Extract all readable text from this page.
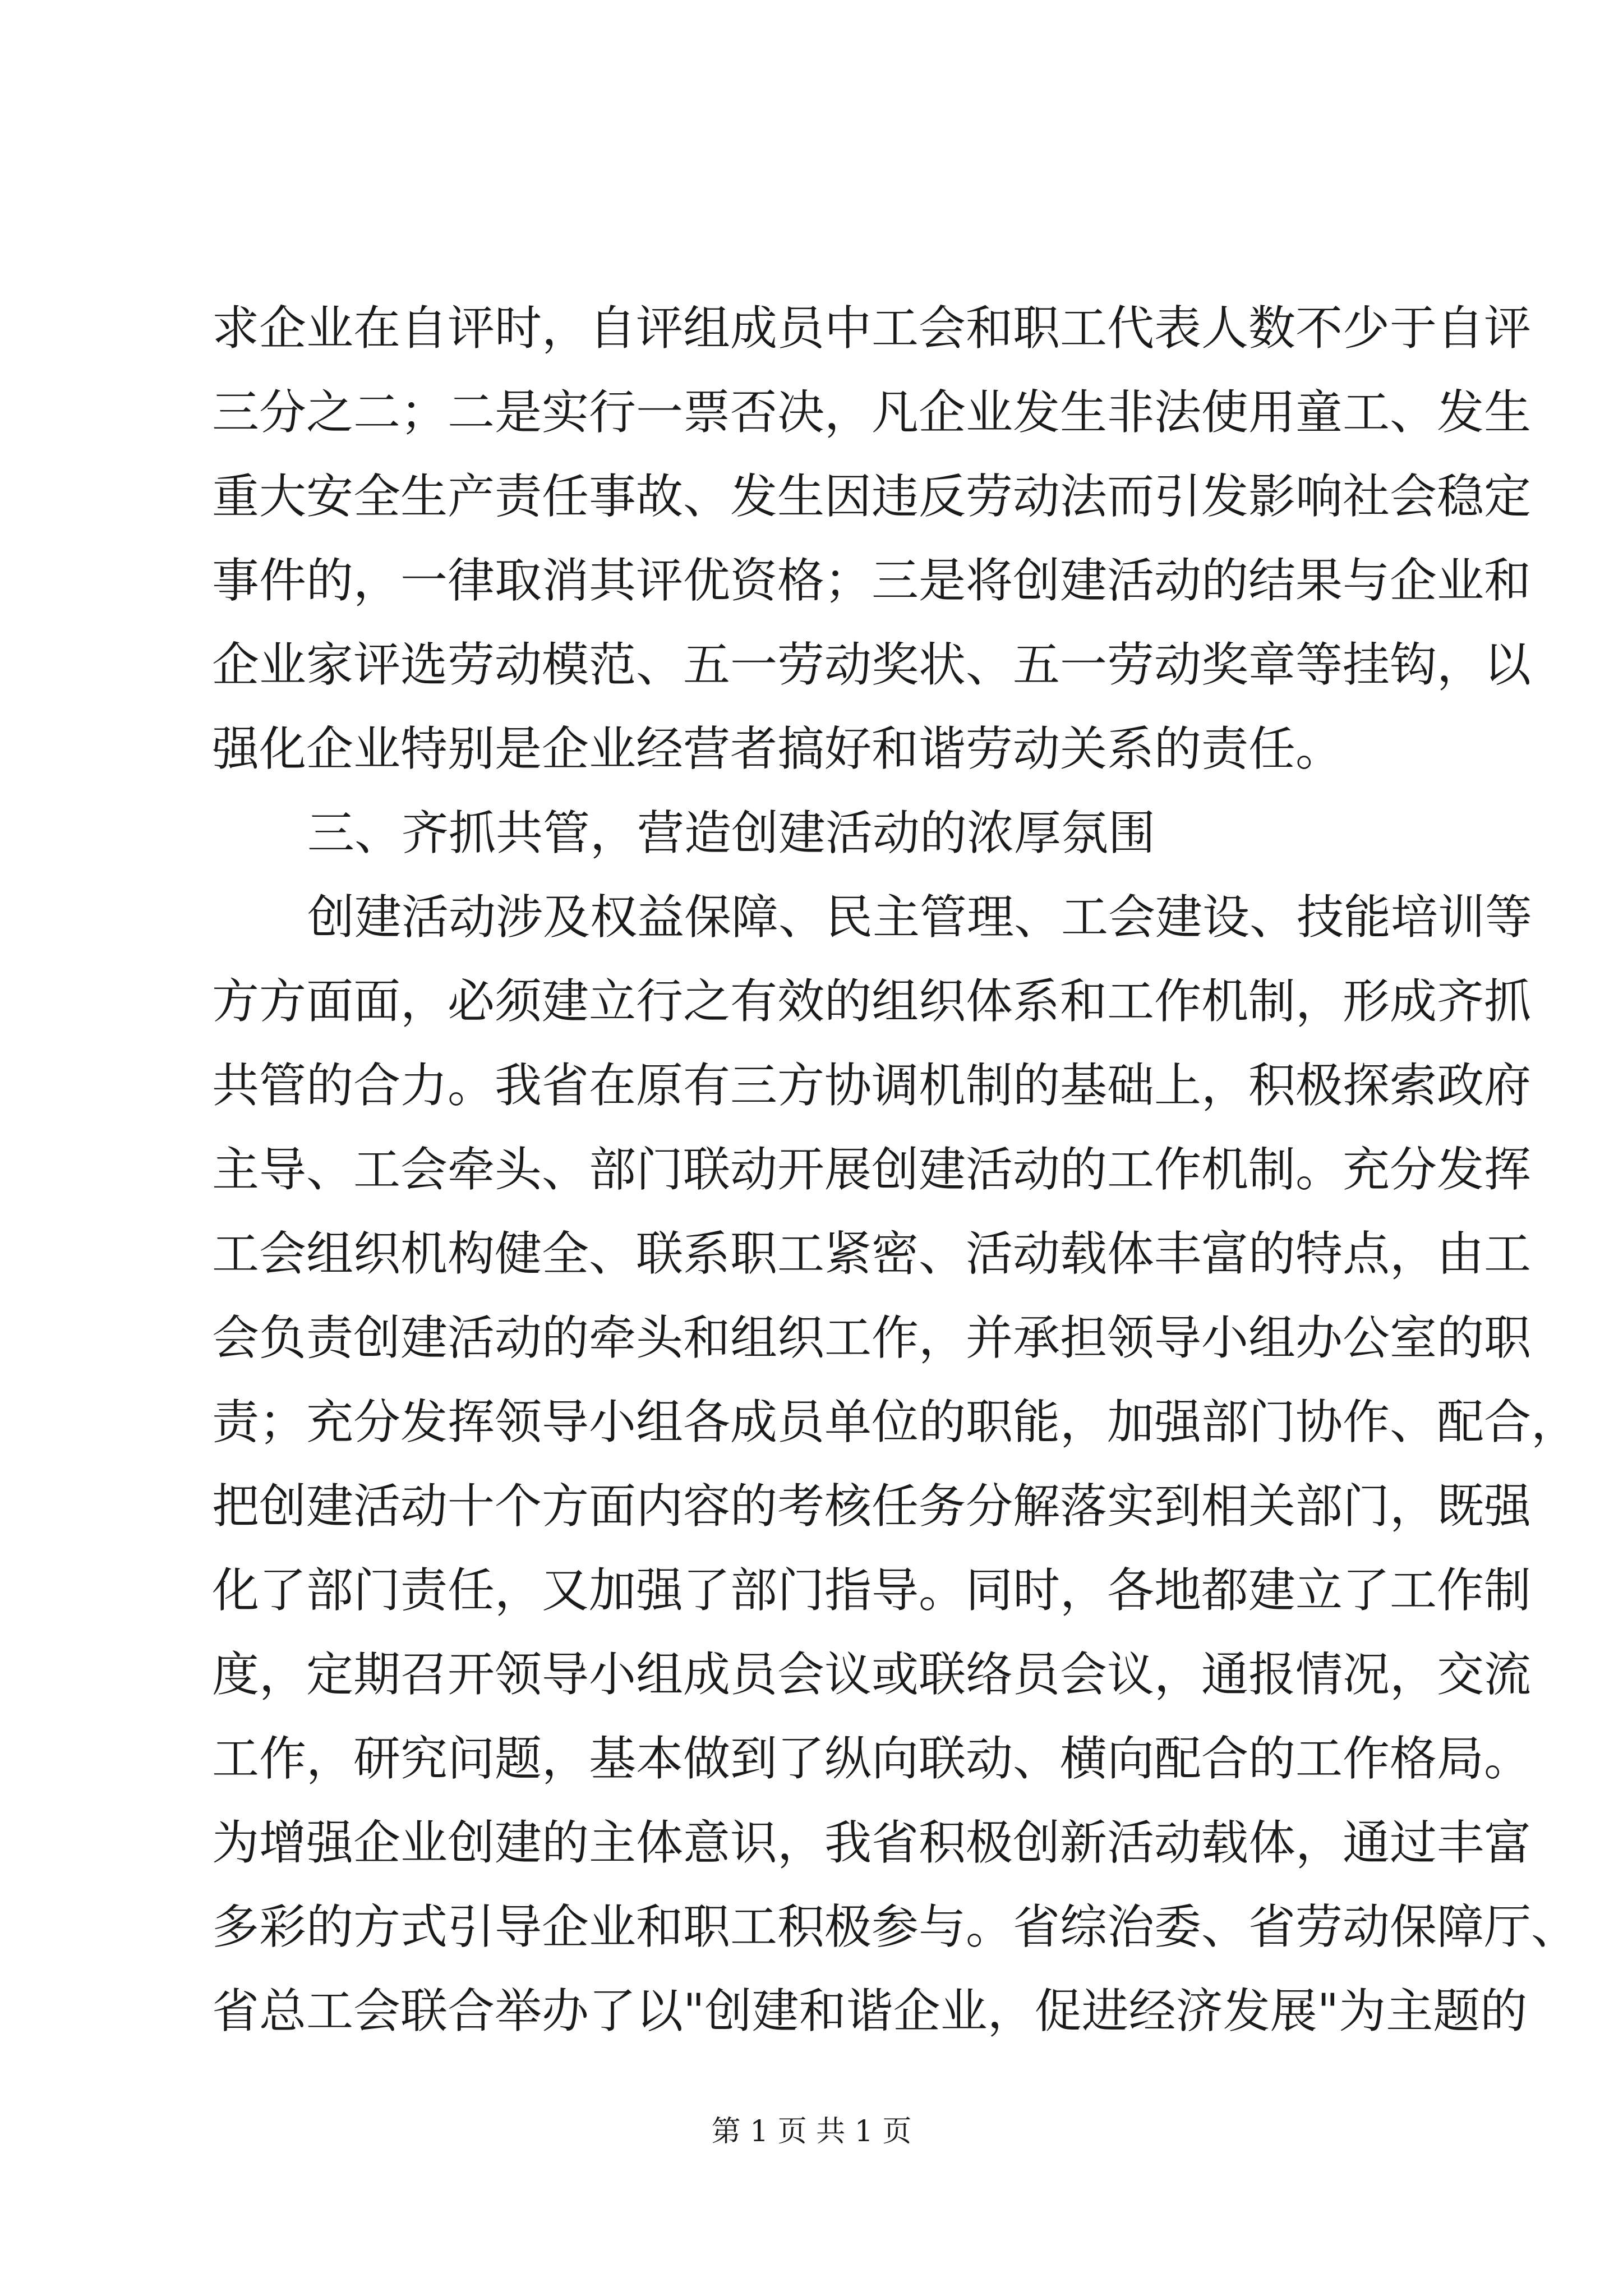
求企业在自评时，自评组成员中工会和职工代表人数不少于自评
三分之二；二是实行一票否决，凡企业发生非法使用童工、发生
重大安全生产责任事故、发生因违反劳动法而引发影响社会稳定
事件的，一律取消其评优资格；三是将创建活动的结果与企业和
企业家评选劳动模范、五一劳动奖状、五一劳动奖章等挂钩，以
强化企业特别是企业经营者搞好和谐劳动关系的责任。
三、齐抓共管，营造创建活动的浓厚氛围
创建活动涉及权益保障、民主管理、工会建设、技能培训等
方方面面，必须建立行之有效的组织体系和工作机制，形成齐抓
共管的合力。我省在原有三方协调机制的基础上，积极探索政府
主导、工会牵头、部门联动开展创建活动的工作机制。充分发挥
工会组织机构健全、联系职工紧密、活动载体丰富的特点，由工
会负责创建活动的牵头和组织工作，并承担领导小组办公室的职
责；充分发挥领导小组各成员单位的职能，加强部门协作、配合，
把创建活动十个方面内容的考核任务分解落实到相关部门，既强
化了部门责任，又加强了部门指导。同时，各地都建立了工作制
度，定期召开领导小组成员会议或联络员会议，通报情况，交流
工作，研究问题，基本做到了纵向联动、横向配合的工作格局。
为增强企业创建的主体意识，我省积极创新活动载体，通过丰富
多彩的方式引导企业和职工积极参与。省综治委、省劳动保障厅、
省总工会联合举办了以"创建和谐企业，促进经济发展"为主题的
第 1 页 共 1 页
